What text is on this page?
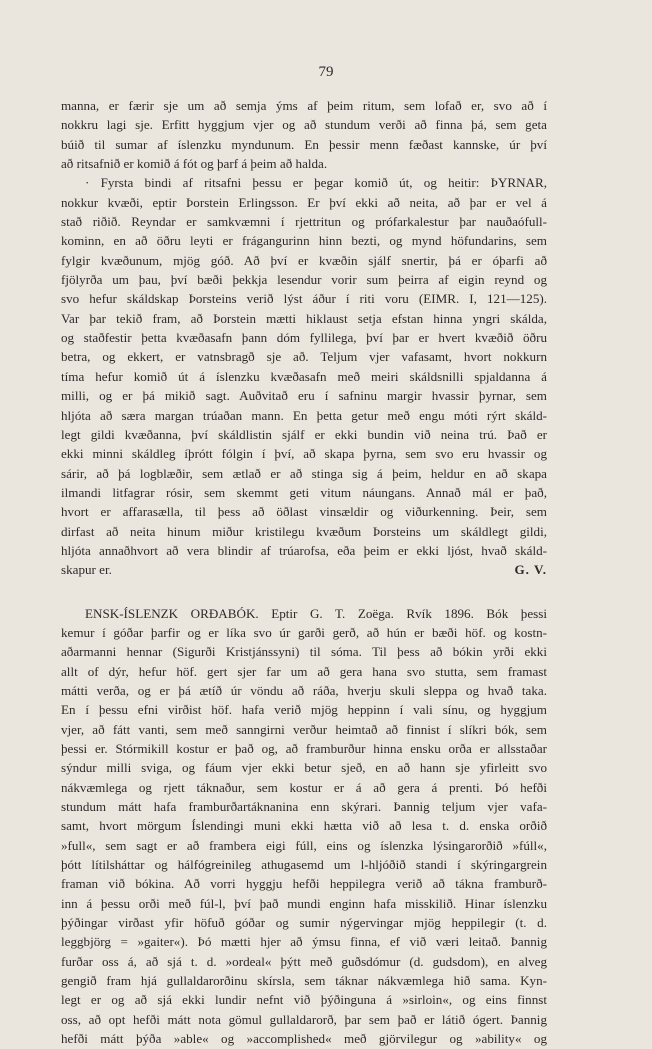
79
manna, er færir sje um að semja ýms af þeim ritum, sem lofað er, svo að í
nokkru lagi sje. Erfitt hyggjum vjer og að stundum verði að finna þá, sem geta
búið til sumar af íslenzku myndunum. En þessir menn fæðast kannske, úr því
að ritsafnið er komið á fót og þarf á þeim að halda.
· Fyrsta bindi af ritsafni þessu er þegar komið út, og heitir: ÞYRNAR,
nokkur kvæði, eptir Þorstein Erlingsson. Er því ekki að neita, að þar er vel á
stað riðið. Reyndar er samkvæmni í rjettritun og prófarkalestur þar nauðaófull-
kominn, en að öðru leyti er frágangurinn hinn bezti, og mynd höfundarins, sem
fylgir kvæðunum, mjög góð. Að því er kvæðin sjálf snertir, þá er óþarfi að
fjölyrða um þau, því bæði þekkja lesendur vorir sum þeirra af eigin reynd og
svo hefur skáldskap Þorsteins verið lýst áður í riti voru (EIMR. I, 121—125).
Var þar tekið fram, að Þorstein mætti hiklaust setja efstan hinna yngri skálda,
og staðfestir þetta kvæðasafn þann dóm fyllilega, því þar er hvert kvæðið öðru
betra, og ekkert, er vatnsbragð sje að. Teljum vjer vafasamt, hvort nokkurn
tíma hefur komið út á íslenzku kvæðasafn með meiri skáldsnilli spjaldanna á
milli, og er þá mikið sagt. Auðvitað eru í safninu margir hvassir þyrnar, sem
hljóta að særa margan trúaðan mann. En þetta getur með engu móti rýrt skáld-
legt gildi kvæðanna, því skáldlistin sjálf er ekki bundin við neina trú. Það er
ekki minni skáldleg íþrótt fólgin í því, að skapa þyrna, sem svo eru hvassir og
sárir, að þá logblæðir, sem ætlað er að stinga sig á þeim, heldur en að skapa
ilmandi litfagrar rósir, sem skemmt geti vitum náungans. Annað mál er það,
hvort er affarasælla, til þess að öðlast vinsældir og viðurkenning. Þeir, sem
dirfast að neita hinum miður kristilegu kvæðum Þorsteins um skáldlegt gildi,
hljóta annaðhvort að vera blindir af trúarofsa, eða þeim er ekki ljóst, hvað skáld-
skapur er.	G. V.
ENSK-ÍSLENZK ORÐABÓK. Eptir G. T. Zoëga. Rvík 1896. Bók þessi
kemur í góðar þarfir og er líka svo úr garði gerð, að hún er bæði höf. og kostn-
aðarmanni hennar (Sigurði Kristjánssyni) til sóma. Til þess að bókin yrði ekki
allt of dýr, hefur höf. gert sjer far um að gera hana svo stutta, sem framast
mátti verða, og er þá ætíð úr vöndu að ráða, hverju skuli sleppa og hvað taka.
En í þessu efni virðist höf. hafa verið mjög heppinn í vali sínu, og hyggjum
vjer, að fátt vanti, sem með sanngirni verður heimtað að finnist í slíkri bók, sem
þessi er. Stórmikill kostur er það og, að framburður hinna ensku orða er allsstaðar
sýndur milli sviga, og fáum vjer ekki betur sjeð, en að hann sje yfirleitt svo
nákvæmlega og rjett táknaður, sem kostur er á að gera á prenti. Þó hefði
stundum mátt hafa framburðartáknanina enn skýrari. Þannig teljum vjer vafa-
samt, hvort mörgum Íslendingi muni ekki hætta við að lesa t. d. enska orðið
»full«, sem sagt er að frambera eigi fúll, eins og íslenzka lýsingarorðið »fúll«,
þótt lítilsháttar og hálfógreinileg athugasemd um l-hljóðið standi í skýringargrein
framan við bókina. Að vorri hyggju hefði heppilegra verið að tákna framburð-
inn á þessu orði með fúl-l, því það mundi enginn hafa misskilið. Hinar íslenzku
þýðingar virðast yfir höfuð góðar og sumir nýgervingar mjög heppilegir (t. d.
leggbjörg = »gaiter«). Þó mætti hjer að ýmsu finna, ef við væri leitað. Þannig
furðar oss á, að sjá t. d. »ordeal« þýtt með guðsdómur (d. gudsdom), en alveg
gengið fram hjá gullaldarorðinu skírsla, sem táknar nákvæmlega hið sama. Kyn-
legt er og að sjá ekki lundir nefnt við þýðinguna á »sirloin«, og eins finnst
oss, að opt hefði mátt nota gömul gullaldarorð, þar sem það er látið ógert. Þannig
hefði mátt þýða »able« og »accomplished« með gjörvilegur og »ability« og
